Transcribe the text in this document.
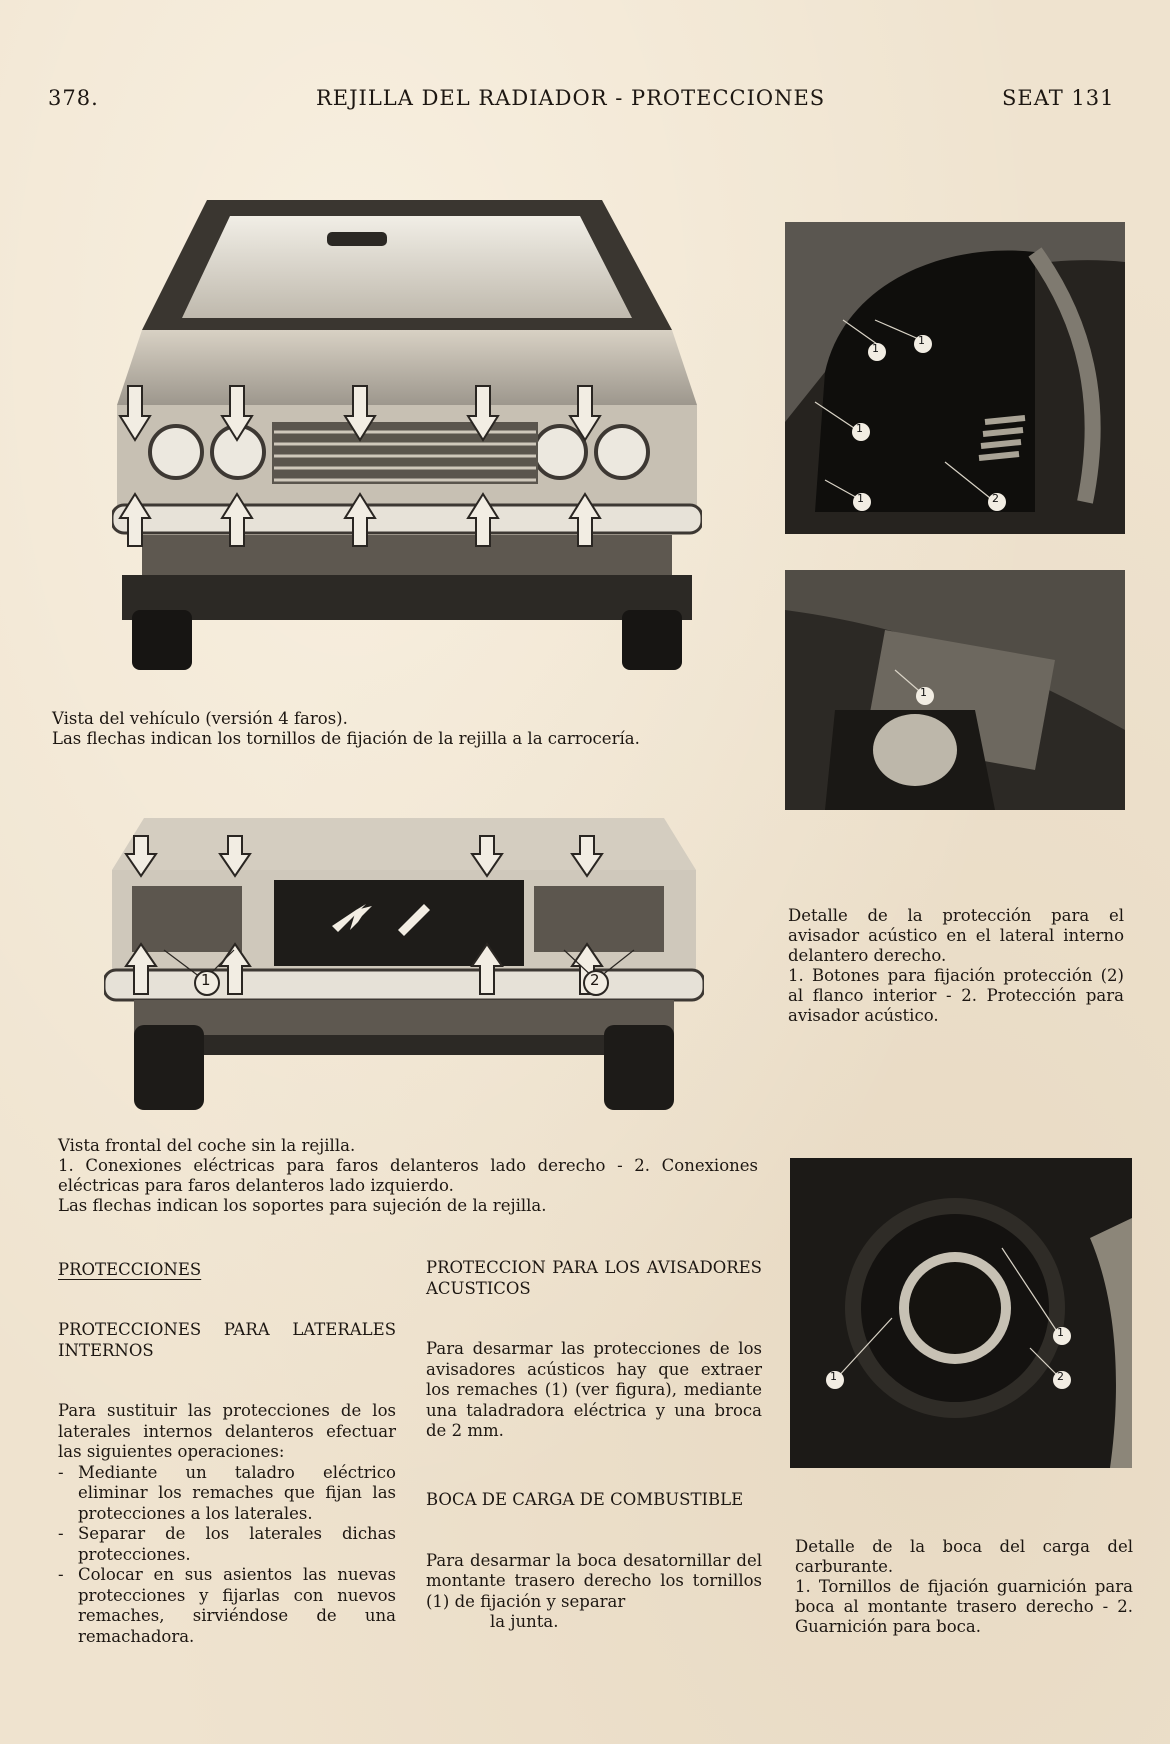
378.	REJILLA DEL RADIADOR - PROTECCIONES	SEAT 131

Vista del vehículo (versión 4 faros).

Las flechas indican los tornillos de fijación de la rejilla a la carrocería.

1	2

Vista frontal del coche sin la rejilla.

1. Conexiones eléctricas para faros delanteros lado derecho - 2. Conexiones eléctricas para faros delanteros lado izquierdo.

Las flechas indican los soportes para sujeción de la rejilla.

1
1
1
1	2
1

Detalle de la protección para el avisador acústico en el lateral interno delantero derecho.

1. Botones para fijación protección (2) al flanco interior - 2. Protección para avisador acústico.

1
1
2

Detalle de la boca del carga del carburante.

1. Tornillos de fijación guarnición para boca al montante trasero derecho - 2. Guarnición para boca.

PROTECCIONES

PROTECCIONES PARA LATERALES INTERNOS

Para sustituir las protecciones de los laterales internos delanteros efectuar las siguientes operaciones:

- Mediante un taladro eléctrico eliminar los remaches que fijan las protecciones a los laterales.
- Separar de los laterales dichas protecciones.
- Colocar en sus asientos las nuevas protecciones y fijarlas con nuevos remaches, sirviéndose de una remachadora.

PROTECCION PARA LOS AVISADORES ACUSTICOS

Para desarmar las protecciones de los avisadores acústicos hay que extraer los remaches (1) (ver figura), mediante una taladradora eléctrica y una broca de 2 mm.

BOCA DE CARGA DE COMBUSTIBLE

Para desarmar la boca desatornillar del montante trasero derecho los tornillos (1) de fijación y separar

la junta.
